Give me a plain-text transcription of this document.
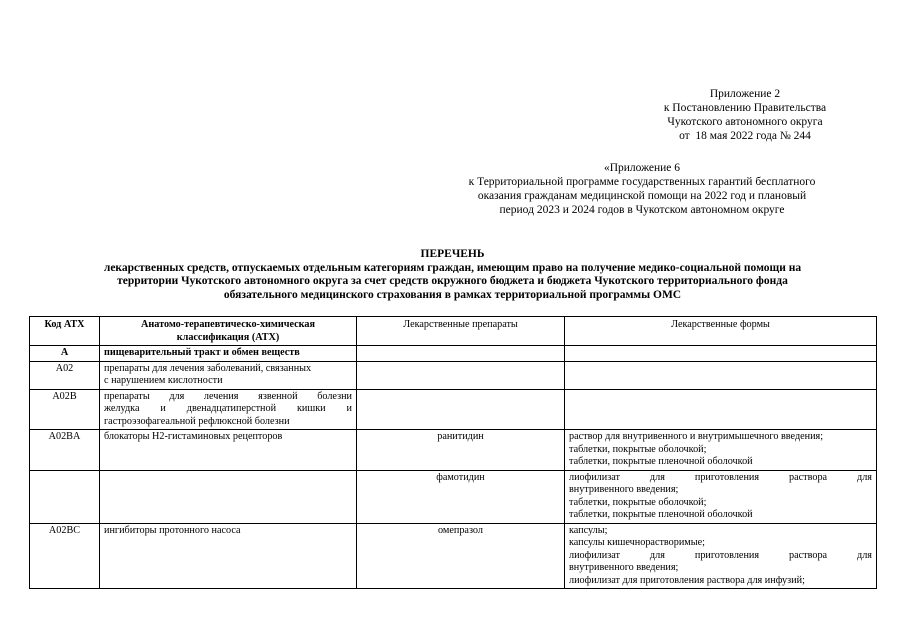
Приложение 2
к Постановлению Правительства
Чукотского автономного округа
от  18 мая 2022 года № 244
«Приложение 6
к Территориальной программе государственных гарантий бесплатного
оказания гражданам медицинской помощи на 2022 год и плановый
период 2023 и 2024 годов в Чукотском автономном округе
ПЕРЕЧЕНЬ
лекарственных средств, отпускаемых отдельным категориям граждан, имеющим право на получение медико-социальной помощи на
территории Чукотского автономного округа за счет средств окружного бюджета и бюджета Чукотского территориального фонда
обязательного медицинского страхования в рамках территориальной программы ОМС
Код АТХ	Анатомо-терапевтическо-химическая классификация (АТХ)	Лекарственные препараты	Лекарственные формы
A	пищеварительный тракт и обмен веществ		

A02	препараты для лечения заболеваний, связанных
с нарушением кислотности		

A02B	препараты для лечения язвенной болезни
желудка и двенадцатиперстной кишки и
гастроэзофагеальной рефлюксной болезни		

A02BA	блокаторы H2-гистаминовых рецепторов	ранитидин	раствор для внутривенного и внутримышечного введения;
таблетки, покрытые оболочкой;
таблетки, покрытые пленочной оболочкой

		фамотидин	лиофилизат для приготовления раствора для
внутривенного введения;
таблетки, покрытые оболочкой;
таблетки, покрытые пленочной оболочкой

A02BC	ингибиторы протонного насоса	омепразол	капсулы;
капсулы кишечнорастворимые;
лиофилизат для приготовления раствора для
внутривенного введения;
лиофилизат для приготовления раствора для инфузий;
